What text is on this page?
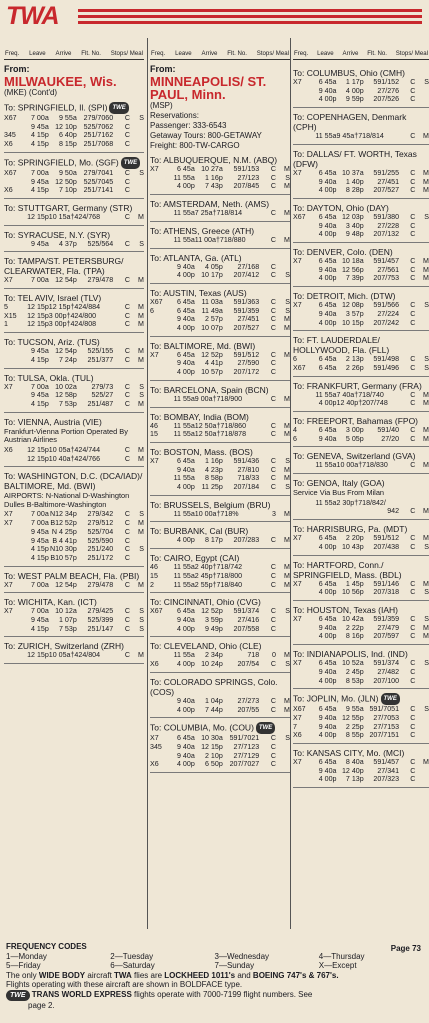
TWA
Freq. Leave Arrive Flt. No. Stops/ Meal
From:
MILWAUKEE, Wis.
(MKE) (Cont'd)
To: SPRINGFIELD, Il. (SPI) TWE
X67	7 00a	9 55a 279/7060	C	S
9 45a 12 10p 525/7062	C
345	4 15p	6 40p 251/7162	C
X6	4 15p	8 15p 251/7068	C
To: SPRINGFIELD, Mo. (SGF) TWE
X67	7 00a	9 50a 279/7041	C	S
9 45a 12 50p 525/7045	C
X6	4 15p	7 10p 251/7141	C
To: STUTTGART, Germany (STR)
12 15p 10 15a†424/768	C	M
To: SYRACUSE, N.Y. (SYR)
9 45a	4 37p	525/564	C	S
To: TAMPA/ST. PETERSBURG/ CLEARWATER, Fla. (TPA)
X7	7 00a 12 54p	279/478	C	M
To: TEL AVIV, Israel (TLV)
5	12 15p 12 15p†424/884	C	M
X15	12 15p 3 00p†424/800	C	M
1	12 15p 3 00p†424/808	C	M
To: TUCSON, Ariz. (TUS)
9 45a 12 54p	525/155	C	M
4 15p	7 24p	251/377	C	M
To: TULSA, Okla. (TUL)
X7	7 00a 10 02a	279/73	C	S
9 45a 12 58p	525/27	C	S
4 15p	7 53p	251/487	C	M
To: VIENNA, Austria (VIE)
Frankfurt-Vienna Portion Operated By Austrian Airlines
X6	12 15p 10 05a†424/744	C	M
12 15p 10 40a†424/766	C	M
To: WASHINGTON, D.C. (DCA/IAD)/ BALTIMORE, Md. (BWI)
AIRPORTS: N-National D-Washington Dulles B-Baltimore-Washington
X7	7 00a N12 34p	279/342	C	S
X7	7 00a B12 52p	279/512	C	M
9 45a N 4 25p	525/704	C	M
9 45a B 4 41p	525/590	C
4 15p N10 30p	251/240	C	S
4 15p B10 57p	251/172	C
To: WEST PALM BEACH, Fla. (PBI)
X7	7 00a 12 54p	279/478	C	M
To: WICHITA, Kan. (ICT)
X7	7 00a 10 12a	279/425	C	S
9 45a	1 07p	525/399	C	S
4 15p	7 53p	251/147	C	S
To: ZURICH, Switzerland (ZRH)
12 15p 10 05a†424/804	C	M
Freq. Leave Arrive Flt. No. Stops/ Meal
From:
MINNEAPOLIS/ ST. PAUL, Minn.
(MSP)
Reservations:
Passenger: 333-6543
Getaway Tours: 800-GETAWAY
Freight: 800-TW-CARGO
To: ALBUQUERQUE, N.M. (ABQ)
X7	6 45a 10 27a	591/153	C	M
11 55a	1 16p	27/123	C	S
4 00p	7 43p	207/845	C	M
To: AMSTERDAM, Neth. (AMS)
11 55a 7 25a†718/814	C	M
To: ATHENS, Greece (ATH)
11 55a 11 00a†718/880	C	M
To: ATLANTA, Ga. (ATL)
9 40a	4 05p	27/168	C
4 00p 10 17p	207/412	C	S
To: AUSTIN, Texas (AUS)
X67	6 45a 11 03a	591/363	C	S
6	6 45a 11 49a	591/359	C	S
9 40a	2 57p	27/451	C	M
4 00p 10 07p	207/527	C	M
To: BALTIMORE, Md. (BWI)
X7	6 45a 12 52p	591/512	C	M
9 40a	4 41p	27/590	C
4 00p 10 57p	207/172	C
To: BARCELONA, Spain (BCN)
11 55a 9 00a†718/900	C	M
To: BOMBAY, India (BOM)
46	11 55a 12 50a†718/860	C	M
15	11 55a 12 50a†718/878	C	M
To: BOSTON, Mass. (BOS)
X7	6 45a	1 16p	591/436	C	S
9 40a	4 23p	27/810	C	M
11 55a	8 58p	718/33	C	M
4 00p 11 25p	207/184	C	S
To: BRUSSELS, Belgium (BRU)
11 55a 10 00a†718%	3	M
To: BURBANK, Cal (BUR)
4 00p	8 17p	207/283	C	M
To: CAIRO, Egypt (CAI)
46	11 55a 2 40p†718/742	C	M
15	11 55a 2 45p†718/800	C	M
2	11 55a 2 55p†718/840	C	M
To: CINCINNATI, Ohio (CVG)
X67	6 45a 12 52p	591/374	C	S
9 40a	3 59p	27/416	C
4 00p	9 49p	207/558	C
To: CLEVELAND, Ohio (CLE)
11 55a	2 34p	718	0	M
X6	4 00p 10 24p	207/54	C	S
To: COLORADO SPRINGS, Colo. (COS)
9 40a	1 04p	27/273	C	M
4 00p	7 44p	207/55	C	M
To: COLUMBIA, Mo. (COU) TWE
X7	6 45a 10 30a 591/7021	C	S
345	9 40a 12 15p	27/7123	C
9 40a	2 10p	27/7129	C
X6	4 00p	6 50p 207/7027	C
Freq. Leave Arrive Flt. No. Stops/ Meal
To: COLUMBUS, Ohio (CMH)
X7	6 45a	1 17p	591/152	C	S
9 40a	4 00p	27/276	C
4 00p	9 59p	207/526	C
To: COPENHAGEN, Denmark (CPH)
11 55a 9 45a†718/814	C	M
To: DALLAS/ FT. WORTH, Texas (DFW)
X7	6 45a 10 37a	591/255	C	M
9 40a	1 40p	27/451	C	M
4 00p	8 28p	207/527	C	M
To: DAYTON, Ohio (DAY)
X67	6 45a 12 03p	591/380	C	S
9 40a	3 40p	27/228	C
4 00p	9 48p	207/132	C
To: DENVER, Colo. (DEN)
X7	6 45a 10 18a	591/457	C	M
9 40a 12 56p	27/561	C	M
4 00p	7 39p	207/753	C	M
To: DETROIT, Mich. (DTW)
X7	6 45a 12 08p	591/566	C	S
9 40a	3 57p	27/224	C
4 00p 10 15p	207/242	C
To: FT. LAUDERDALE/ HOLLYWOOD, Fla. (FLL)
6	6 45a	2 13p	591/498	C	S
X67	6 45a	2 26p	591/496	C	S
To: FRANKFURT, Germany (FRA)
11 55a 7 40a†718/740	C	M
4 00p 12 40p†207/748	C	M
To: FREEPORT, Bahamas (FPO)
4	6 45a	3 00p	591/40	C	M
6	9 40a	5 05p	27/20	C	M
To: GENEVA, Switzerland (GVA)
11 55a 10 00a†718/830	C	M
To: GENOA, Italy (GOA)
Service Via Bus From Milan
11 55a 2 30p†718/842/
942	C	M
To: HARRISBURG, Pa. (MDT)
X7	6 45a	2 20p	591/512	C	M
4 00p 10 43p	207/438	C	S
To: HARTFORD, Conn./ SPRINGFIELD, Mass. (BDL)
X7	6 45a	1 45p	591/146	C	M
4 00p 10 56p	207/318	C	S
To: HOUSTON, Texas (IAH)
X7	6 45a 10 42a	591/359	C	S
9 40a	2 22p	27/479	C	M
4 00p	8 16p	207/597	C	M
To: INDIANAPOLIS, Ind. (IND)
X7	6 45a 10 52a	591/374	C	S
9 40a	2 45p	27/482	C
4 00p	8 53p	207/100	C
To: JOPLIN, Mo. (JLN) TWE
X67	6 45a	9 55a 591/7051	C	S
X7	9 40a 12 55p	27/7053	C
7	9 40a	2 25p	27/7153	C
X6	4 00p	8 55p 207/7151	C
To: KANSAS CITY, Mo. (MCI)
X7	6 45a	8 40a	591/457	C	M
9 40a 12 40p	27/341	C
4 00p	7 13p	207/323	C
FREQUENCY CODES
1—Monday	2—Tuesday	3—Wednesday	4—Thursday
5—Friday	6—Saturday	7—Sunday	X—Except
The only WIDE BODY aircraft TWA flies are LOCKHEED 1011's and BOEING 747's & 767's.
Flights operating with these aircraft are shown in BOLDFACE type.
TWE TRANS WORLD EXPRESS flights operate with 7000-7199 flight numbers. See
page 2.
Page 73
